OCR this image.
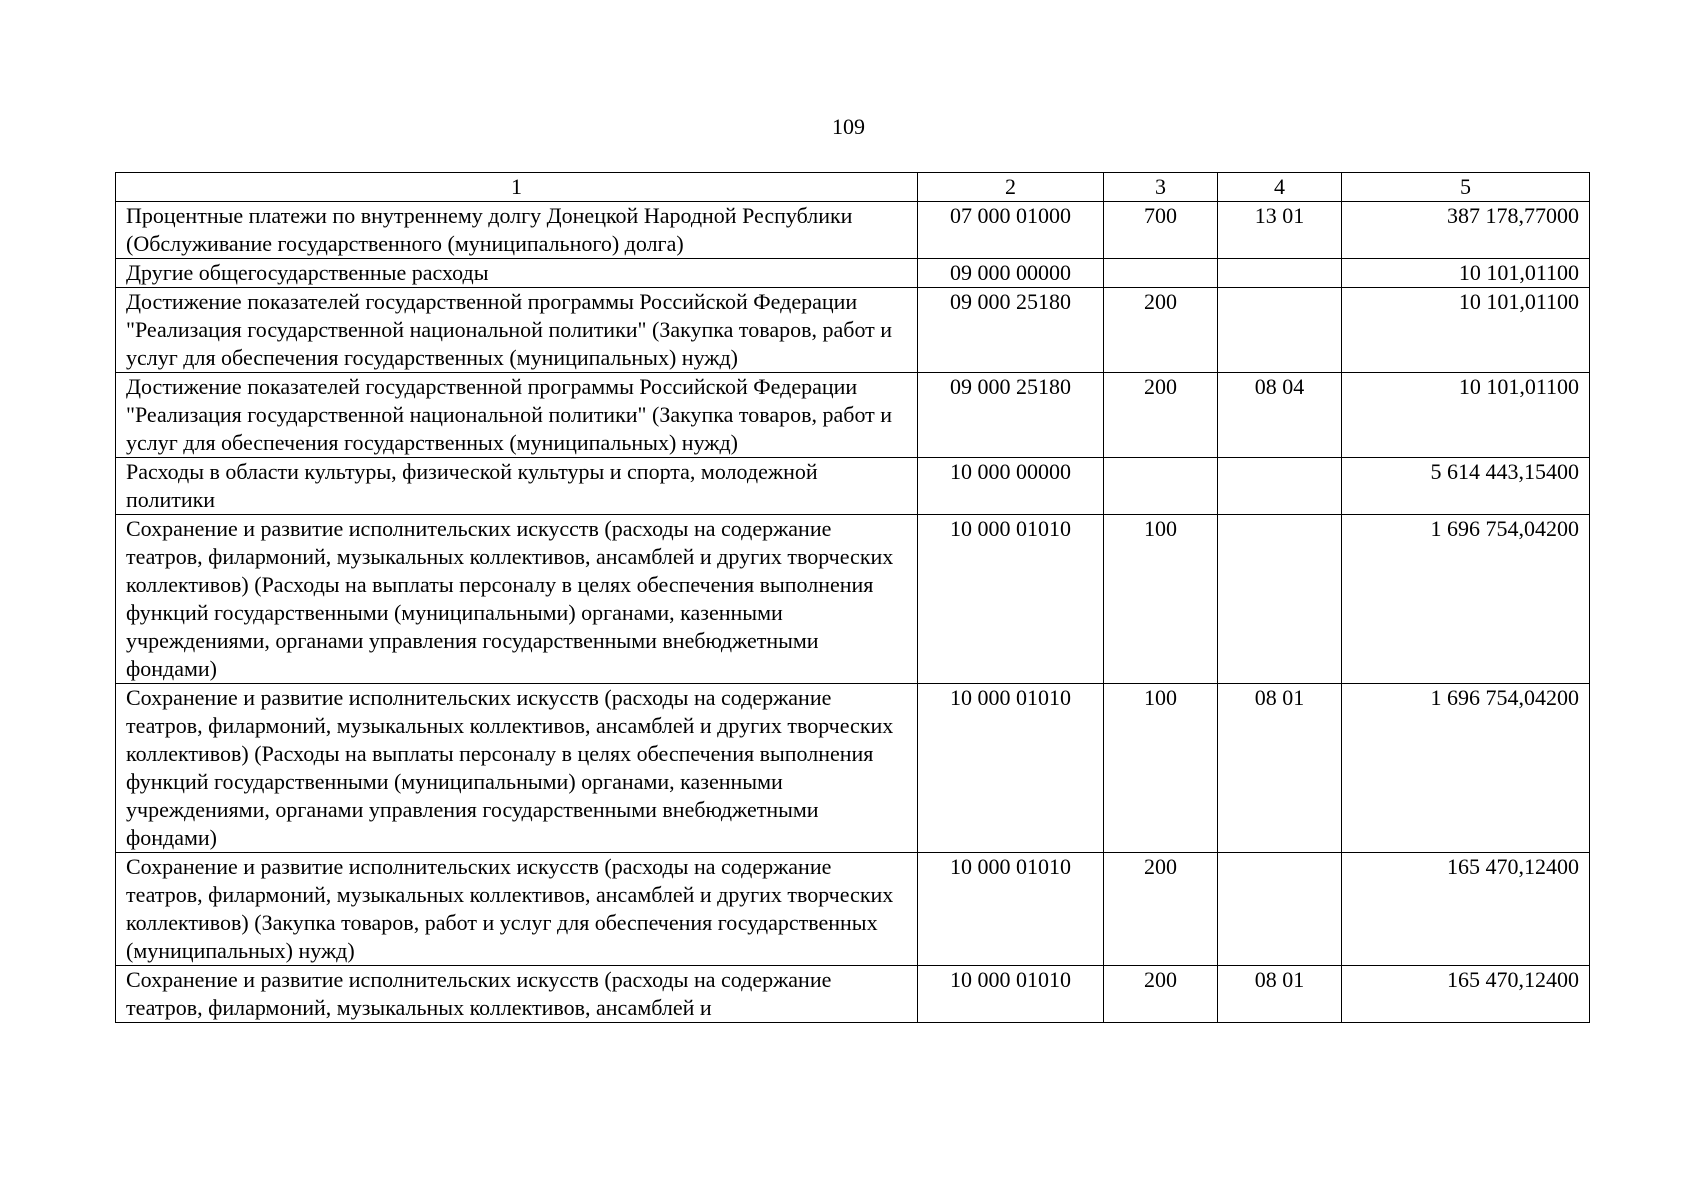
109
1	2	3	4	5
Процентные платежи по внутреннему долгу Донецкой Народной Республики (Обслуживание государственного (муниципального) долга)	07 000 01000	700	13 01	387 178,77000
Другие общегосударственные расходы	09 000 00000			10 101,01100
Достижение показателей государственной программы Российской Федерации "Реализация государственной национальной политики" (Закупка товаров, работ и услуг для обеспечения государственных (муниципальных) нужд)	09 000 25180	200		10 101,01100
Достижение показателей государственной программы Российской Федерации "Реализация государственной национальной политики" (Закупка товаров, работ и услуг для обеспечения государственных (муниципальных) нужд)	09 000 25180	200	08 04	10 101,01100
Расходы в области культуры, физической культуры и спорта, молодежной политики	10 000 00000			5 614 443,15400
Сохранение и развитие исполнительских искусств (расходы на содержание театров, филармоний, музыкальных коллективов, ансамблей и других творческих коллективов) (Расходы на выплаты персоналу в целях обеспечения выполнения функций государственными (муниципальными) органами, казенными учреждениями, органами управления государственными внебюджетными фондами)	10 000 01010	100		1 696 754,04200
Сохранение и развитие исполнительских искусств (расходы на содержание театров, филармоний, музыкальных коллективов, ансамблей и других творческих коллективов) (Расходы на выплаты персоналу в целях обеспечения выполнения функций государственными (муниципальными) органами, казенными учреждениями, органами управления государственными внебюджетными фондами)	10 000 01010	100	08 01	1 696 754,04200
Сохранение и развитие исполнительских искусств (расходы на содержание театров, филармоний, музыкальных коллективов, ансамблей и других творческих коллективов) (Закупка товаров, работ и услуг для обеспечения государственных (муниципальных) нужд)	10 000 01010	200		165 470,12400
Сохранение и развитие исполнительских искусств (расходы на содержание театров, филармоний, музыкальных коллективов, ансамблей и	10 000 01010	200	08 01	165 470,12400
